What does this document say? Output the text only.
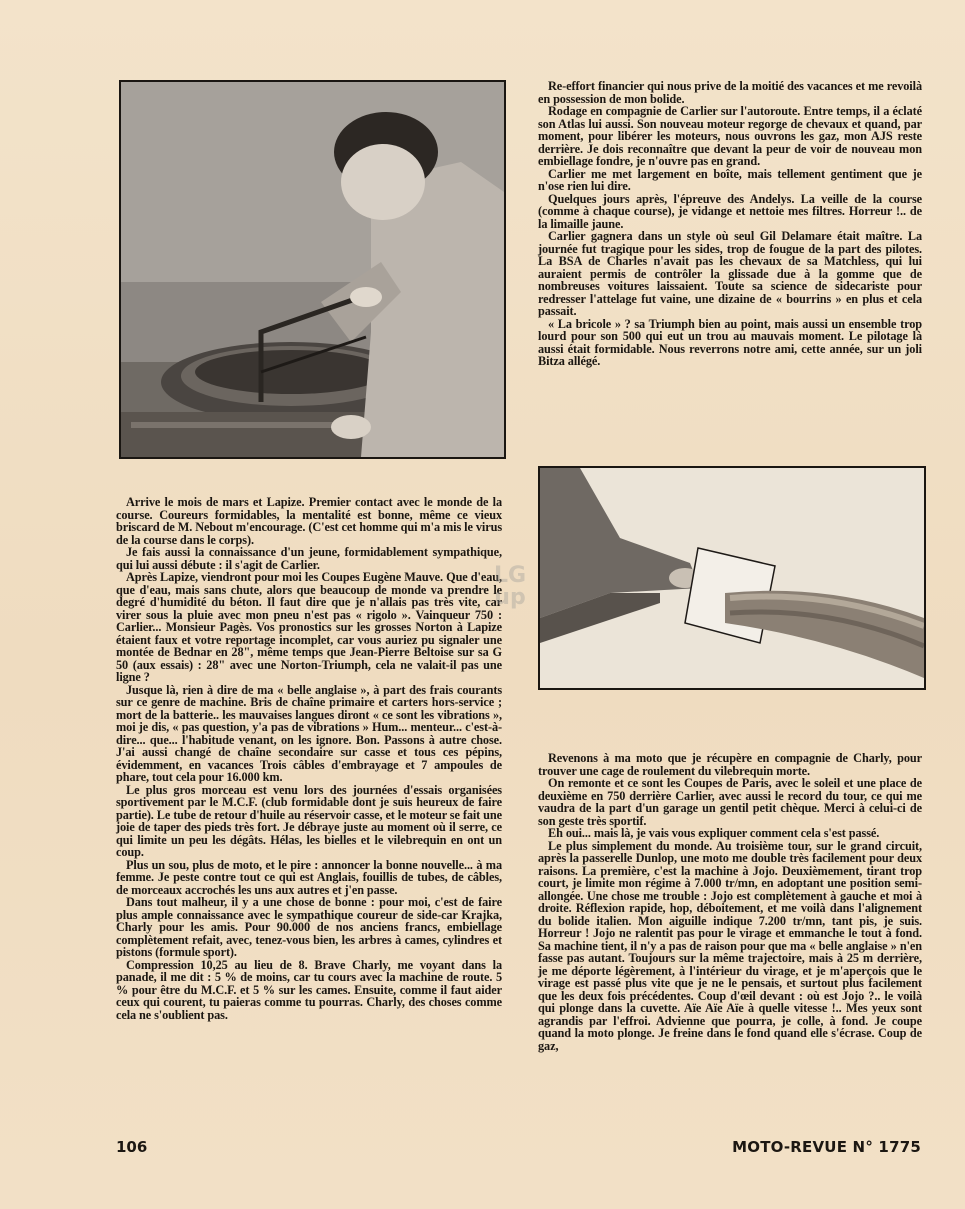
Re-effort financier qui nous prive de la moitié des vacances et me revoilà en possession de mon bolide.

Rodage en compagnie de Carlier sur l'autoroute. Entre temps, il a éclaté son Atlas lui aussi. Son nouveau moteur regorge de chevaux et quand, par moment, pour libérer les moteurs, nous ouvrons les gaz, mon AJS reste derrière. Je dois reconnaître que devant la peur de voir de nouveau mon embiellage fondre, je n'ouvre pas en grand.

Carlier me met largement en boîte, mais tellement gentiment que je n'ose rien lui dire.

Quelques jours après, l'épreuve des Andelys. La veille de la course (comme à chaque course), je vidange et nettoie mes filtres. Horreur !.. de la limaille jaune.

Carlier gagnera dans un style où seul Gil Delamare était maître. La journée fut tragique pour les sides, trop de fougue de la part des pilotes. La BSA de Charles n'avait pas les chevaux de sa Matchless, qui lui auraient permis de contrôler la glissade due à la gomme que de nombreuses voitures laissaient. Toute sa science de sidecariste pour redresser l'attelage fut vaine, une dizaine de « bourrins » en plus et cela passait.

« La bricole » ? sa Triumph bien au point, mais aussi un ensemble trop lourd pour son 500 qui eut un trou au mauvais moment. Le pilotage là aussi était formidable. Nous reverrons notre ami, cette année, sur un joli Bitza allégé.

Arrive le mois de mars et Lapize. Premier contact avec le monde de la course. Coureurs formidables, la mentalité est bonne, même ce vieux briscard de M. Nebout m'encourage. (C'est cet homme qui m'a mis le virus de la course dans le corps).

Je fais aussi la connaissance d'un jeune, formidablement sympathique, qui lui aussi débute : il s'agit de Carlier.

Après Lapize, viendront pour moi les Coupes Eugène Mauve. Que d'eau, que d'eau, mais sans chute, alors que beaucoup de monde va prendre le degré d'humidité du béton. Il faut dire que je n'allais pas très vite, car virer sous la pluie avec mon pneu n'est pas « rigolo ». Vainqueur 750 : Carlier... Monsieur Pagès. Vos pronostics sur les grosses Norton à Lapize étaient faux et votre reportage incomplet, car vous auriez pu signaler une montée de Bednar en 28", même temps que Jean-Pierre Beltoise sur sa G 50 (aux essais) : 28" avec une Norton-Triumph, cela ne valait-il pas une ligne ?

Jusque là, rien à dire de ma « belle anglaise », à part des frais courants sur ce genre de machine. Bris de chaîne primaire et carters hors-service ; mort de la batterie.. les mauvaises langues diront « ce sont les vibrations », moi je dis, « pas question, y'a pas de vibrations » Hum... menteur... c'est-à-dire... que... l'habitude venant, on les ignore. Bon. Passons à autre chose. J'ai aussi changé de chaîne secondaire sur casse et tous ces pépins, évidemment, en vacances Trois câbles d'embrayage et 7 ampoules de phare, tout cela pour 16.000 km.

Le plus gros morceau est venu lors des journées d'essais organisées sportivement par le M.C.F. (club formidable dont je suis heureux de faire partie). Le tube de retour d'huile au réservoir casse, et le moteur se fait une joie de taper des pieds très fort. Je débraye juste au moment où il serre, ce qui limite un peu les dégâts. Hélas, les bielles et le vilebrequin en ont un coup.

Plus un sou, plus de moto, et le pire : annoncer la bonne nouvelle... à ma femme. Je peste contre tout ce qui est Anglais, fouillis de tubes, de câbles, de morceaux accrochés les uns aux autres et j'en passe.

Dans tout malheur, il y a une chose de bonne : pour moi, c'est de faire plus ample connaissance avec le sympathique coureur de side-car Krajka, Charly pour les amis. Pour 90.000 de nos anciens francs, embiellage complètement refait, avec, tenez-vous bien, les arbres à cames, cylindres et pistons (formule sport).

Compression 10,25 au lieu de 8. Brave Charly, me voyant dans la panade, il me dit : 5 % de moins, car tu cours avec la machine de route. 5 % pour être du M.C.F. et 5 % sur les cames. Ensuite, comme il faut aider ceux qui courent, tu paieras comme tu pourras. Charly, des choses comme cela ne s'oublient pas.

Revenons à ma moto que je récupère en compagnie de Charly, pour trouver une cage de roulement du vilebrequin morte.

On remonte et ce sont les Coupes de Paris, avec le soleil et une place de deuxième en 750 derrière Carlier, avec aussi le record du tour, ce qui me vaudra de la part d'un garage un gentil petit chèque. Merci à celui-ci de son geste très sportif.

Eh oui... mais là, je vais vous expliquer comment cela s'est passé.

Le plus simplement du monde. Au troisième tour, sur le grand circuit, après la passerelle Dunlop, une moto me double très facilement pour deux raisons. La première, c'est la machine à Jojo. Deuxièmement, tirant trop court, je limite mon régime à 7.000 tr/mn, en adoptant une position semi-allongée. Une chose me trouble : Jojo est complètement à gauche et moi à droite. Réflexion rapide, hop, déboitement, et me voilà dans l'alignement du bolide italien. Mon aiguille indique 7.200 tr/mn, tant pis, je suis. Horreur ! Jojo ne ralentit pas pour le virage et emmanche le tout à fond. Sa machine tient, il n'y a pas de raison pour que ma « belle anglaise » n'en fasse pas autant. Toujours sur la même trajectoire, mais à 25 m derrière, je me déporte légèrement, à l'intérieur du virage, et je m'aperçois que le virage est passé plus vite que je ne le pensais, et surtout plus facilement que les deux fois précédentes. Coup d'œil devant : où est Jojo ?.. le voilà qui plonge dans la cuvette. Aïe Aïe Aïe à quelle vitesse !.. Mes yeux sont agrandis par l'effroi. Advienne que pourra, je colle, à fond. Je coupe quand la moto plonge. Je freine dans le fond quand elle s'écrase. Coup de gaz,

LG
up
106	MOTO-REVUE N° 1775
